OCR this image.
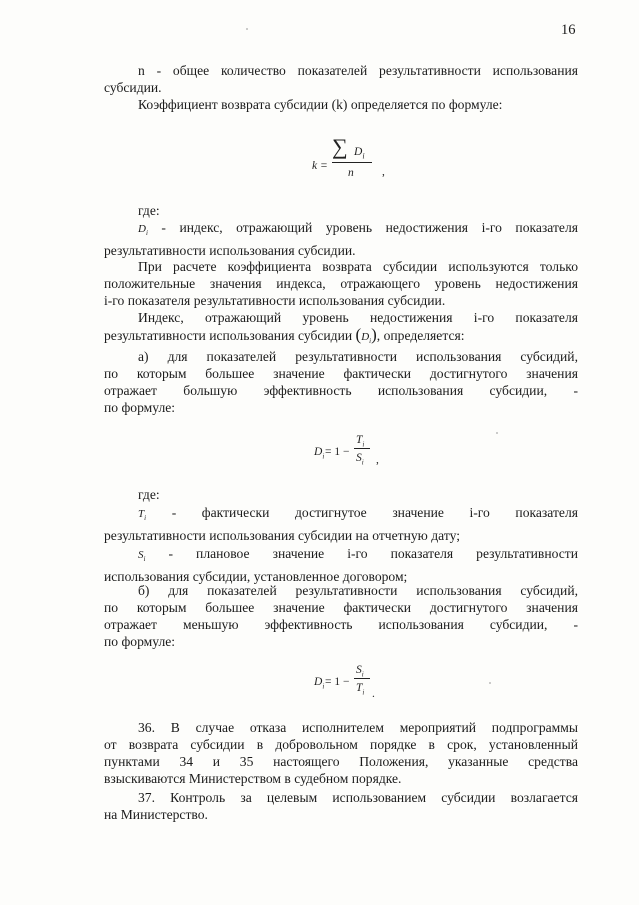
16
n - общее количество показателей результативности использования
субсидии.
Коэффициент возврата субсидии (k) определяется по формуле:
k =
∑ $D_i$
n ,
где:
$D_i$ - индекс, отражающий уровень недостижения i-го показателя
результативности использования субсидии.
При расчете коэффициента возврата субсидии используются только
положительные значения индекса, отражающего уровень недостижения
i-го показателя результативности использования субсидии.
Индекс, отражающий уровень недостижения i-го показателя
результативности использования субсидии $(D_i)$, определяется:
а) для показателей результативности использования субсидий,
по которым большее значение фактически достигнутого значения
отражает большую эффективность использования субсидии, -
по формуле:
$D_i = 1$ −
$T_i$
$S_i$ ,
где:
$T_i$ - фактически достигнутое значение i-го показателя
результативности использования субсидии на отчетную дату;
$S_i$ - плановое значение i-го показателя результативности
использования субсидии, установленное договором;
б) для показателей результативности использования субсидий,
по которым большее значение фактически достигнутого значения
отражает меньшую эффективность использования субсидии, -
по формуле:
$D_i = 1$ −
$S_i$
$T_i$ .
36. В случае отказа исполнителем мероприятий подпрограммы
от возврата субсидии в добровольном порядке в срок, установленный
пунктами 34 и 35 настоящего Положения, указанные средства
взыскиваются Министерством в судебном порядке.
37. Контроль за целевым использованием субсидии возлагается
на Министерство.
